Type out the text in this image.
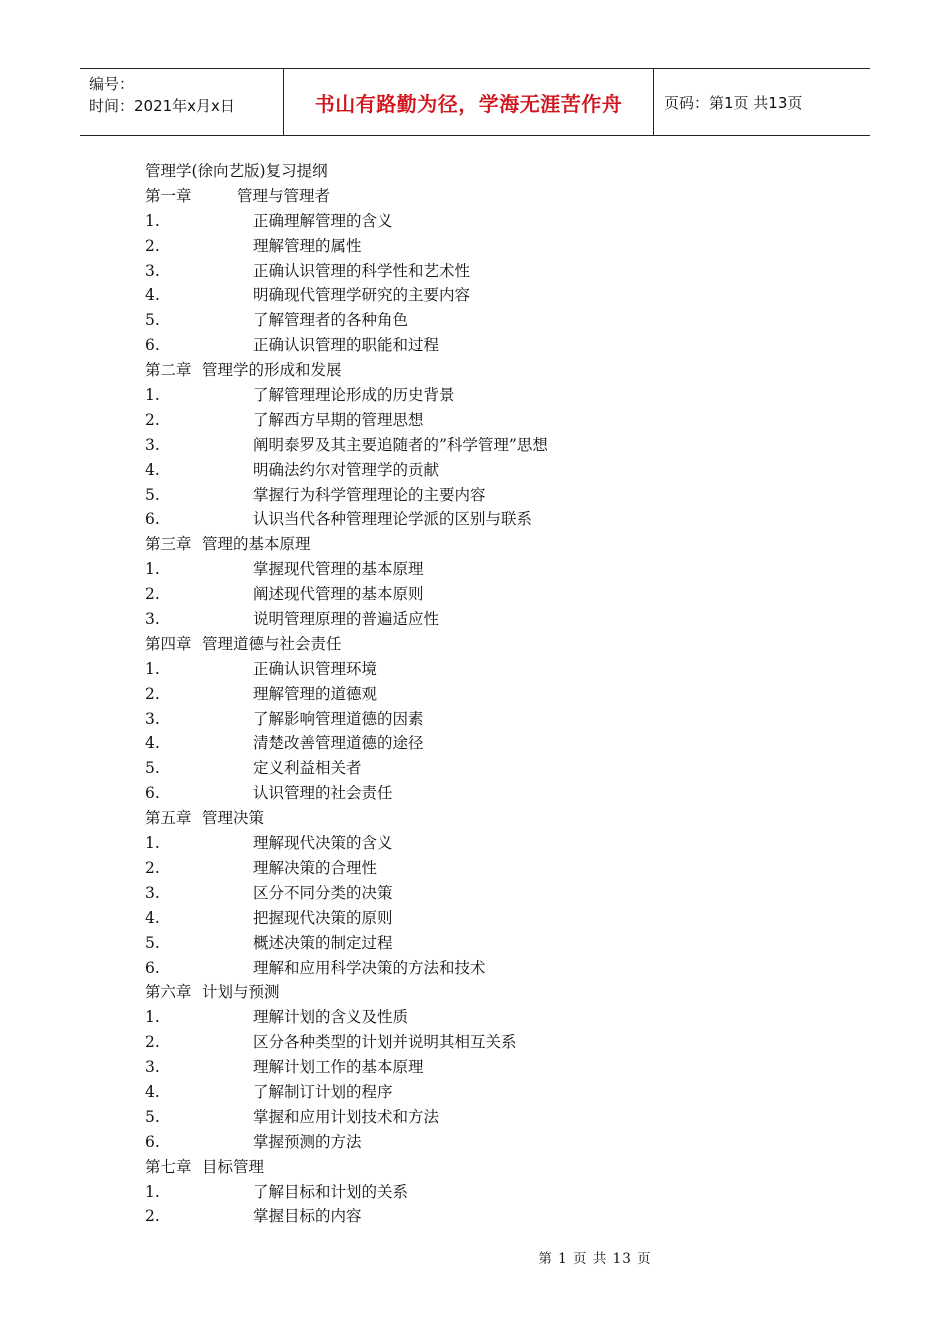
编号：
时间：2021年x月x日	书山有路勤为径，学海无涯苦作舟	页码：第1页 共13页
管理学(徐向艺版)复习提纲
第一章	管理与管理者
1.	正确理解管理的含义
2.	理解管理的属性
3.	正确认识管理的科学性和艺术性
4.	明确现代管理学研究的主要内容
5.	了解管理者的各种角色
6.	正确认识管理的职能和过程
第二章 管理学的形成和发展
1.	了解管理理论形成的历史背景
2.	了解西方早期的管理思想
3.	阐明泰罗及其主要追随者的”科学管理”思想
4.	明确法约尔对管理学的贡献
5.	掌握行为科学管理理论的主要内容
6.	认识当代各种管理理论学派的区别与联系
第三章 管理的基本原理
1.	掌握现代管理的基本原理
2.	阐述现代管理的基本原则
3.	说明管理原理的普遍适应性
第四章 管理道德与社会责任
1.	正确认识管理环境
2.	理解管理的道德观
3.	了解影响管理道德的因素
4.	清楚改善管理道德的途径
5.	定义利益相关者
6.	认识管理的社会责任
第五章 管理决策
1.	理解现代决策的含义
2.	理解决策的合理性
3.	区分不同分类的决策
4.	把握现代决策的原则
5.	概述决策的制定过程
6.	理解和应用科学决策的方法和技术
第六章 计划与预测
1.	理解计划的含义及性质
2.	区分各种类型的计划并说明其相互关系
3.	理解计划工作的基本原理
4.	了解制订计划的程序
5.	掌握和应用计划技术和方法
6.	掌握预测的方法
第七章 目标管理
1.	了解目标和计划的关系
2.	掌握目标的内容
第 1 页 共 13 页
